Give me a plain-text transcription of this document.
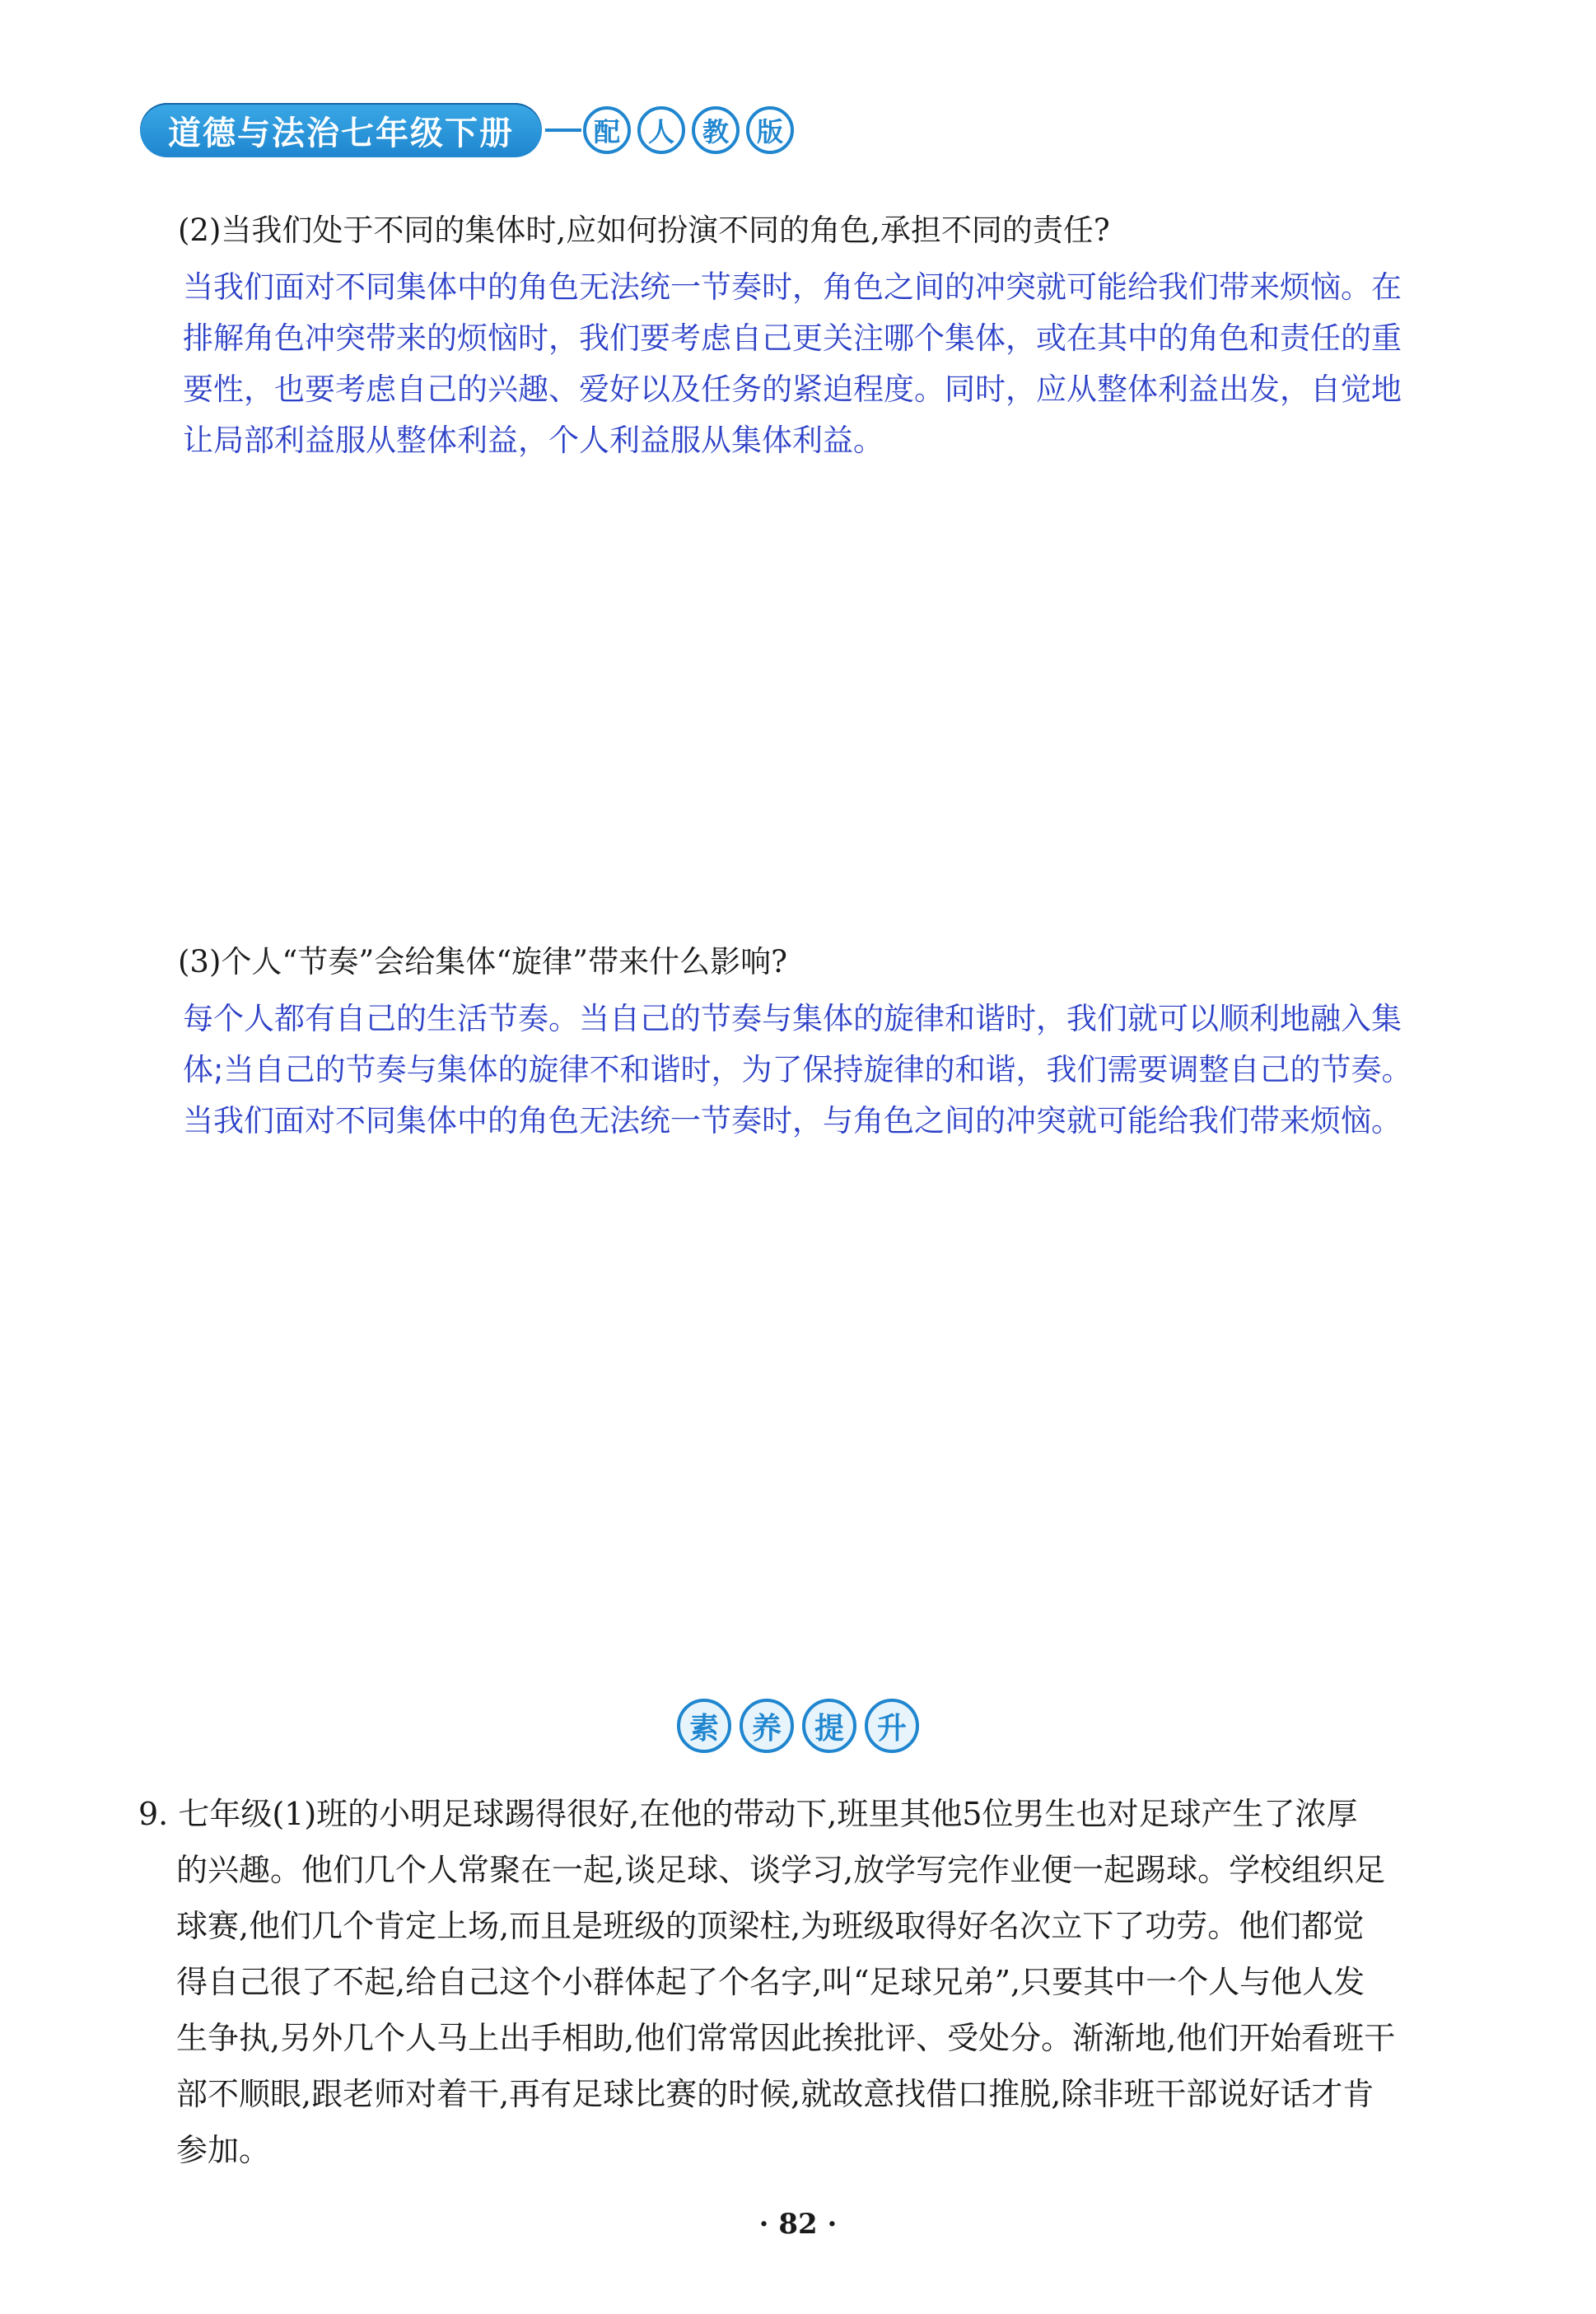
道德与法治七年级下册	配	人	教	版
(2)当我们处于不同的集体时,应如何扮演不同的角色,承担不同的责任?
当我们面对不同集体中的角色无法统一节奏时，角色之间的冲突就可能给我们带来烦恼。在
排解角色冲突带来的烦恼时，我们要考虑自己更关注哪个集体，或在其中的角色和责任的重
要性，也要考虑自己的兴趣、爱好以及任务的紧迫程度。同时，应从整体利益出发，自觉地
让局部利益服从整体利益，个人利益服从集体利益。
(3)个人“节奏”会给集体“旋律”带来什么影响?
每个人都有自己的生活节奏。当自己的节奏与集体的旋律和谐时，我们就可以顺利地融入集
体;当自己的节奏与集体的旋律不和谐时，为了保持旋律的和谐，我们需要调整自己的节奏。
当我们面对不同集体中的角色无法统一节奏时，与角色之间的冲突就可能给我们带来烦恼。
素	养	提	升
9. 七年级(1)班的小明足球踢得很好,在他的带动下,班里其他5位男生也对足球产生了浓厚
的兴趣。他们几个人常聚在一起,谈足球、谈学习,放学写完作业便一起踢球。学校组织足
球赛,他们几个肯定上场,而且是班级的顶梁柱,为班级取得好名次立下了功劳。他们都觉
得自己很了不起,给自己这个小群体起了个名字,叫“足球兄弟”,只要其中一个人与他人发
生争执,另外几个人马上出手相助,他们常常因此挨批评、受处分。渐渐地,他们开始看班干
部不顺眼,跟老师对着干,再有足球比赛的时候,就故意找借口推脱,除非班干部说好话才肯
参加。
· 82 ·
